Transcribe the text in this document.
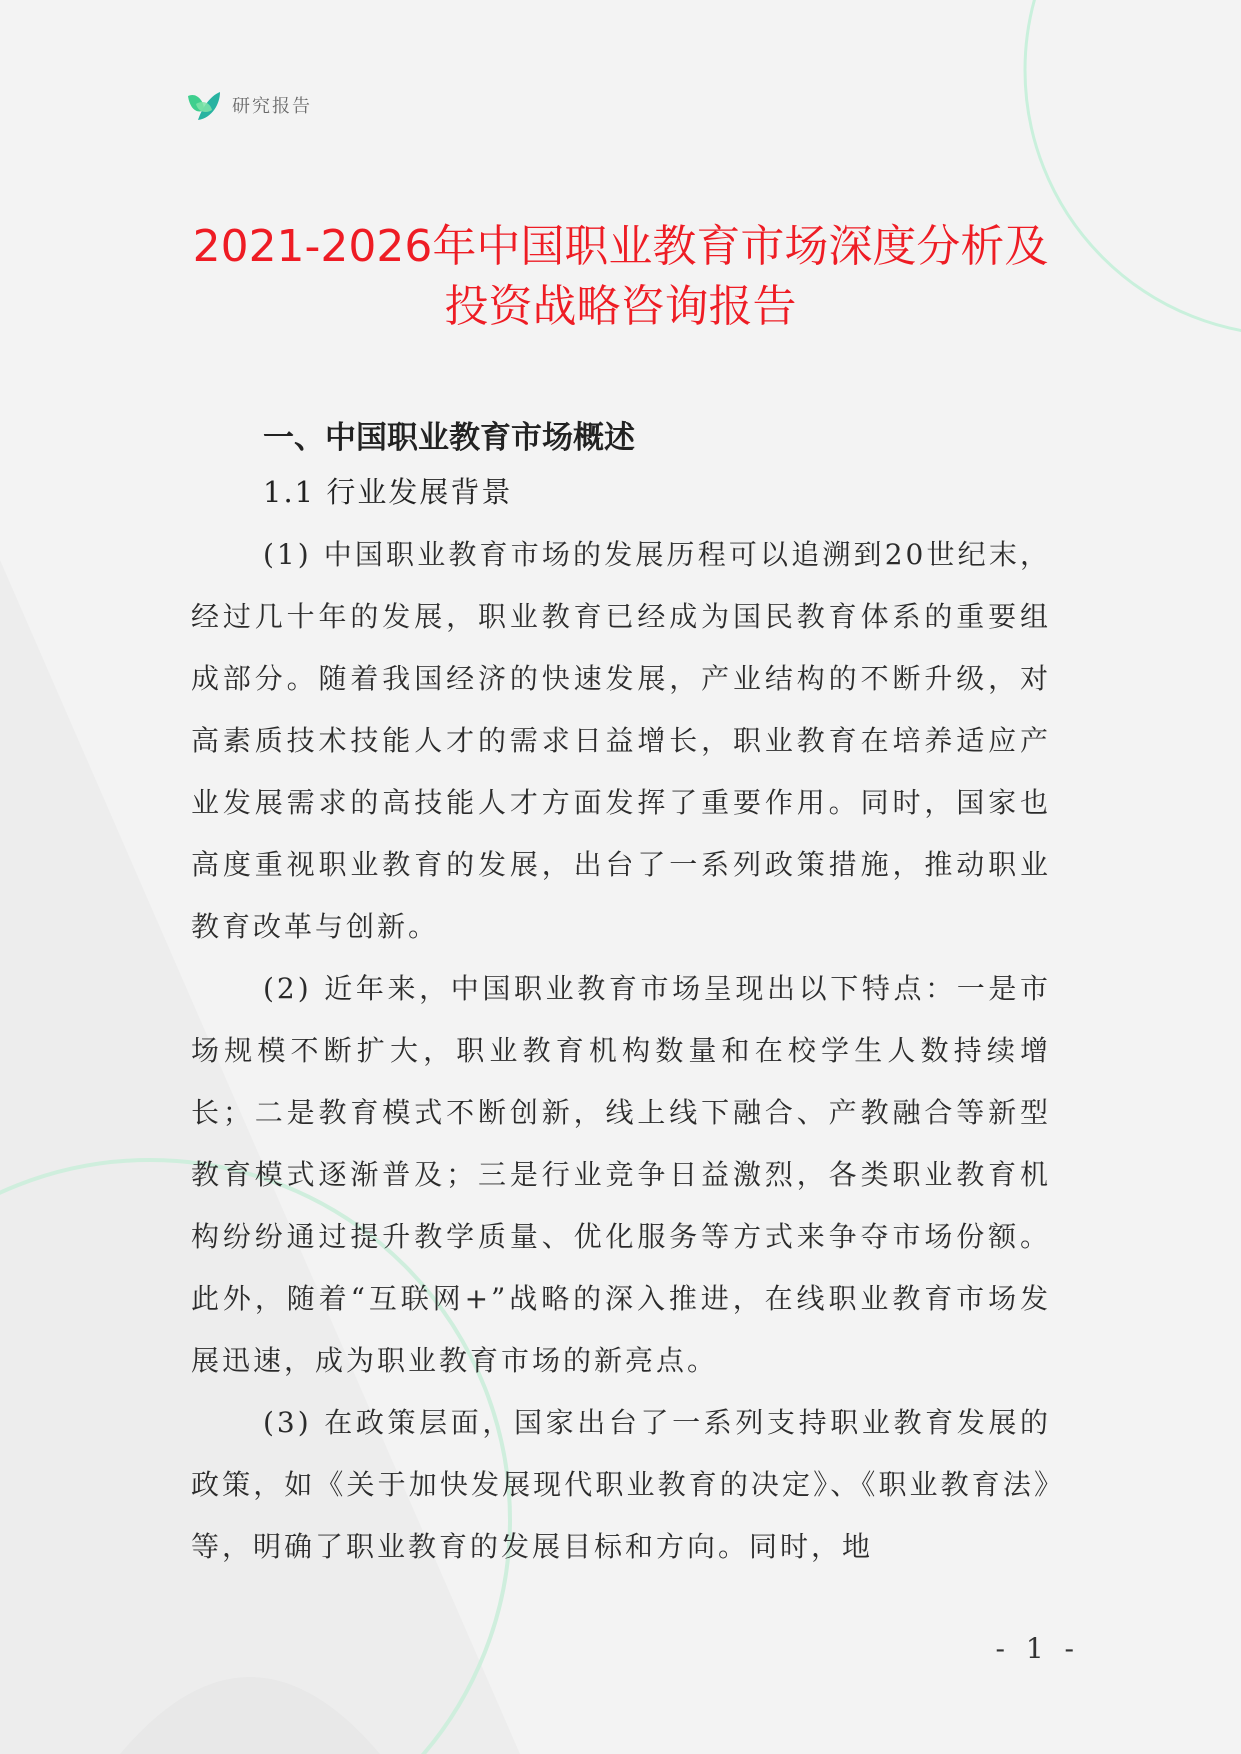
研究报告
2021-2026年中国职业教育市场深度分析及
投资战略咨询报告
一、中国职业教育市场概述
1.1 行业发展背景

(1) 中国职业教育市场的发展历程可以追溯到20世纪末，经过几十年的发展，职业教育已经成为国民教育体系的重要组成部分。随着我国经济的快速发展，产业结构的不断升级，对高素质技术技能人才的需求日益增长，职业教育在培养适应产业发展需求的高技能人才方面发挥了重要作用。同时，国家也高度重视职业教育的发展，出台了一系列政策措施，推动职业教育改革与创新。

(2) 近年来，中国职业教育市场呈现出以下特点：一是市场规模不断扩大，职业教育机构数量和在校学生人数持续增长；二是教育模式不断创新，线上线下融合、产教融合等新型教育模式逐渐普及；三是行业竞争日益激烈，各类职业教育机构纷纷通过提升教学质量、优化服务等方式来争夺市场份额。此外，随着“互联网+”战略的深入推进，在线职业教育市场发展迅速，成为职业教育市场的新亮点。

(3) 在政策层面，国家出台了一系列支持职业教育发展的政策，如《关于加快发展现代职业教育的决定》、《职业教育法》等，明确了职业教育的发展目标和方向。同时，地

- 1 -
